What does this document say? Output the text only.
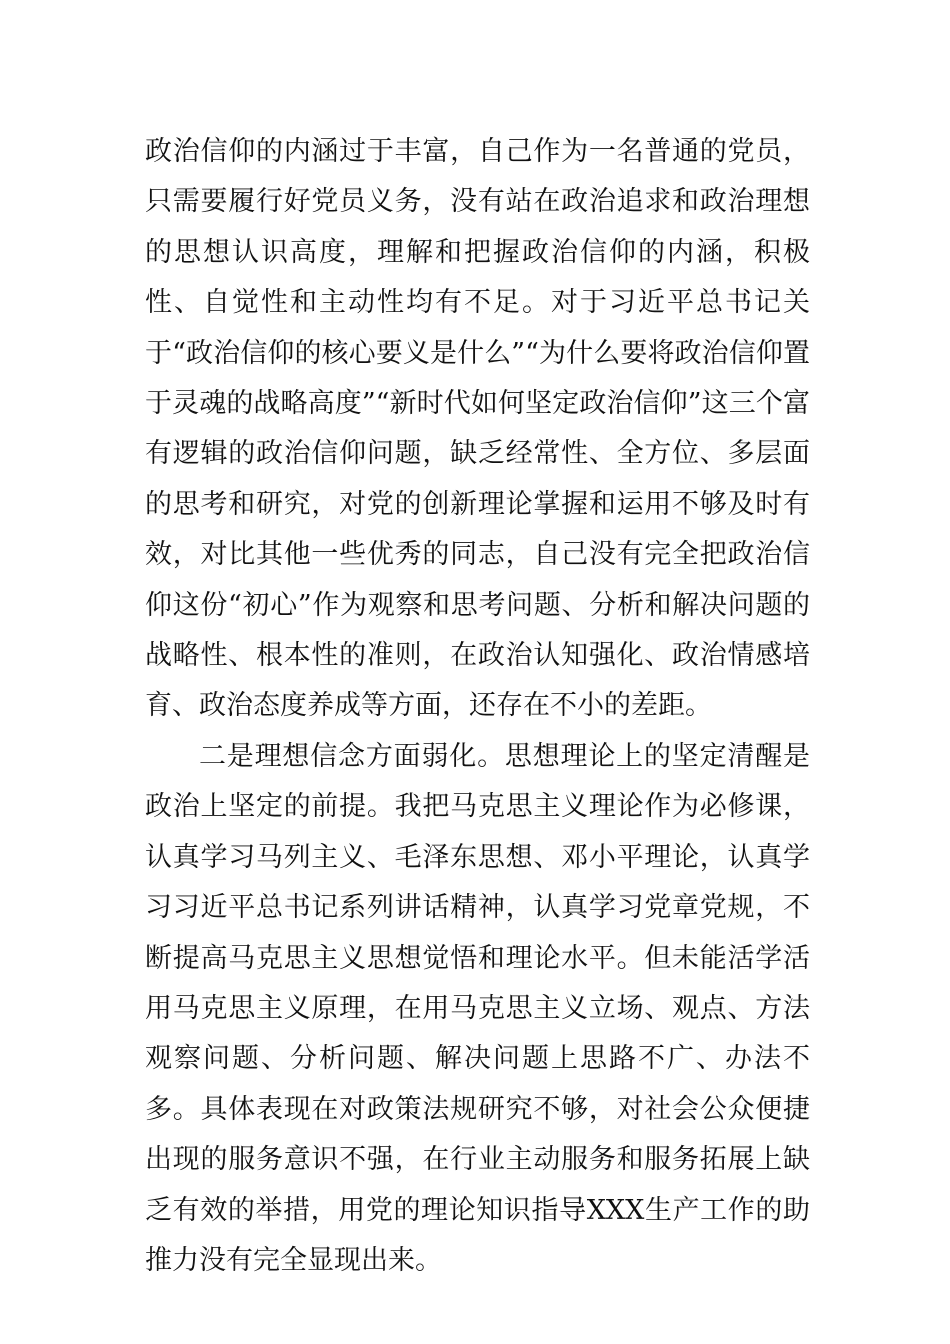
政治信仰的内涵过于丰富，自己作为一名普通的党员，只需要履行好党员义务，没有站在政治追求和政治理想的思想认识高度，理解和把握政治信仰的内涵，积极性、自觉性和主动性均有不足。对于习近平总书记关于“政治信仰的核心要义是什么”“为什么要将政治信仰置于灵魂的战略高度”“新时代如何坚定政治信仰”这三个富有逻辑的政治信仰问题，缺乏经常性、全方位、多层面的思考和研究，对党的创新理论掌握和运用不够及时有效，对比其他一些优秀的同志，自己没有完全把政治信仰这份“初心”作为观察和思考问题、分析和解决问题的战略性、根本性的准则，在政治认知强化、政治情感培育、政治态度养成等方面，还存在不小的差距。

二是理想信念方面弱化。思想理论上的坚定清醒是政治上坚定的前提。我把马克思主义理论作为必修课，认真学习马列主义、毛泽东思想、邓小平理论，认真学习习近平总书记系列讲话精神，认真学习党章党规，不断提高马克思主义思想觉悟和理论水平。但未能活学活用马克思主义原理，在用马克思主义立场、观点、方法观察问题、分析问题、解决问题上思路不广、办法不多。具体表现在对政策法规研究不够，对社会公众便捷出现的服务意识不强，在行业主动服务和服务拓展上缺乏有效的举措，用党的理论知识指导XXX生产工作的助推力没有完全显现出来。
